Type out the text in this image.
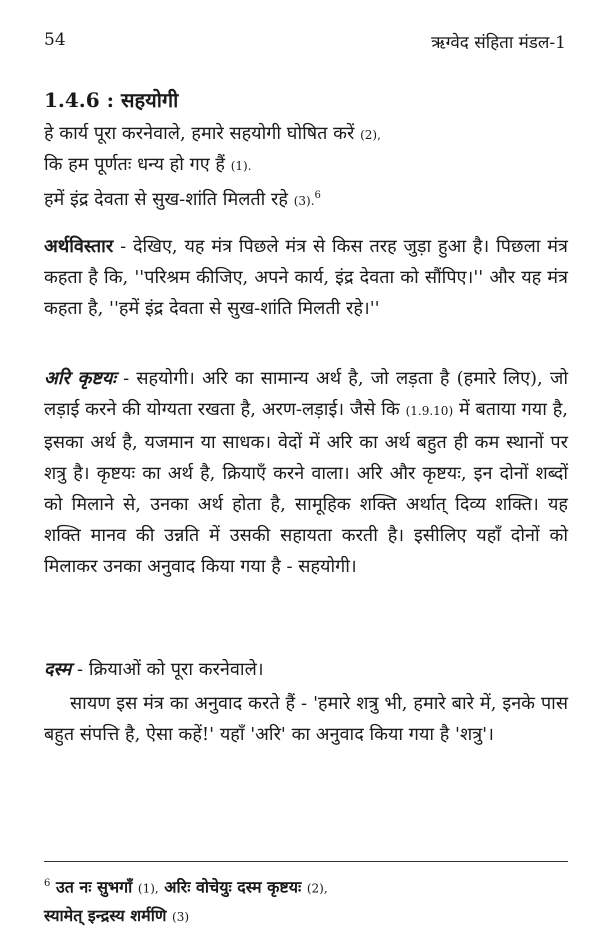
54	ऋग्वेद संहिता मंडल-1
1.4.6 : सहयोगी
हे कार्य पूरा करनेवाले, हमारे सहयोगी घोषित करें (2),
कि हम पूर्णतः धन्य हो गए हैं (1).
हमें इंद्र देवता से सुख-शांति मिलती रहे (3).$^6$
अर्थविस्तार - देखिए, यह मंत्र पिछले मंत्र से किस तरह जुड़ा हुआ है। पिछला मंत्र कहता है कि, ''परिश्रम कीजिए, अपने कार्य, इंद्र देवता को सौंपिए।'' और यह मंत्र कहता है, ''हमें इंद्र देवता से सुख-शांति मिलती रहे।''
अरि कृष्टयः - सहयोगी। अरि का सामान्य अर्थ है, जो लड़ता है (हमारे लिए), जो लड़ाई करने की योग्यता रखता है, अरण-लड़ाई। जैसे कि (1.9.10) में बताया गया है, इसका अर्थ है, यजमान या साधक। वेदों में अरि का अर्थ बहुत ही कम स्थानों पर शत्रु है। कृष्टयः का अर्थ है, क्रियाएँ करने वाला। अरि और कृष्टयः, इन दोनों शब्दों को मिलाने से, उनका अर्थ होता है, सामूहिक शक्ति अर्थात् दिव्य शक्ति। यह शक्ति मानव की उन्नति में उसकी सहायता करती है। इसीलिए यहाँ दोनों को मिलाकर उनका अनुवाद किया गया है - सहयोगी।
दस्म - क्रियाओं को पूरा करनेवाले।
सायण इस मंत्र का अनुवाद करते हैं - 'हमारे शत्रु भी, हमारे बारे में, इनके पास बहुत संपत्ति है, ऐसा कहें!' यहाँ 'अरि' का अनुवाद किया गया है 'शत्रु'।
$^6$ उत नः सुभगाँ (1), अरिः वोचेयुः दस्म कृष्टयः (2),
स्यामेत् इन्द्रस्य शर्मणि (3)
